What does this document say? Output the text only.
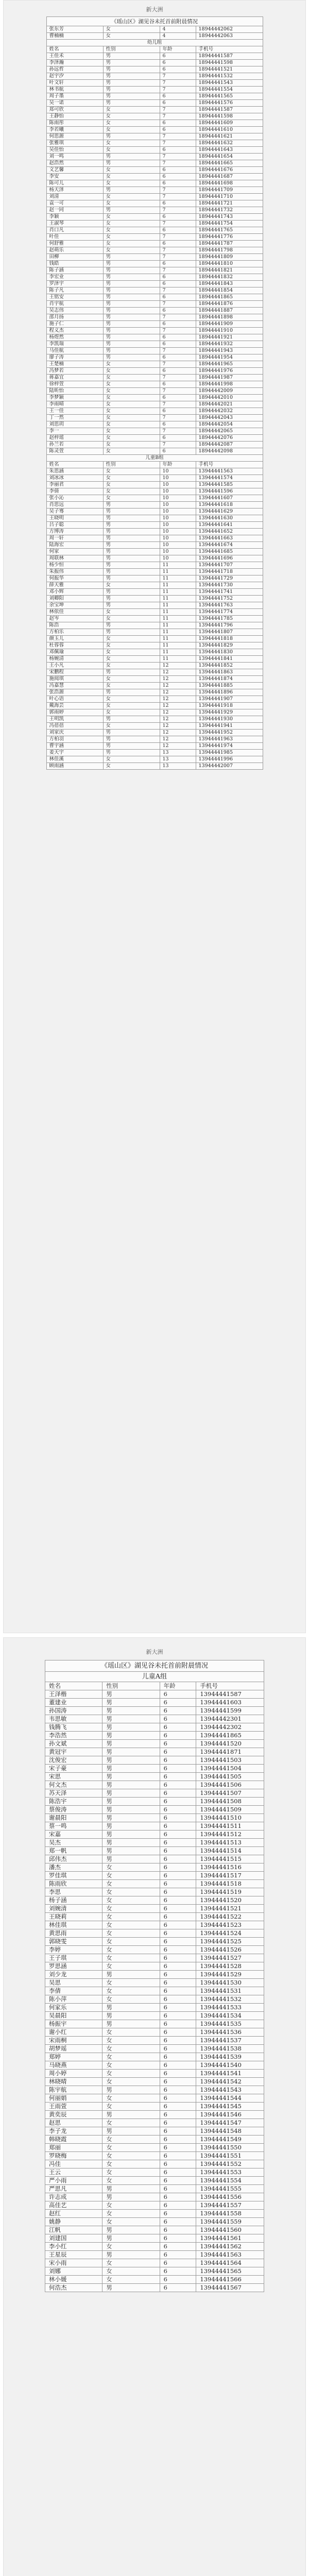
新大洲

《瑶山区》湖见谷未托首前附晨情况			
张东芳	女	4	18944442062
曹楠楠	女	4	18944442063
幼儿组			
姓名	性别	年龄	手机号
王佳禾	男	6	18944441587
李泽瀚	男	6	18944441598
孙远哲	男	6	18944441521
赵宇汐	男	7	18944441532
叶文轩	男	7	18944441543
林书航	男	7	18944441554
周子墨	男	6	18944441565
吴一诺	男	6	18944441576
郑可欣	女	7	18944441587
王静怡	女	7	18944441598
陈雨彤	女	6	18944441609
李若曦	女	6	18944441610
何思源	男	7	18944441621
张雅琪	女	7	18944441632
吴佳怡	女	6	18944441643
刘一鸣	男	7	18944441654
赵浩然	男	7	18944441665
文艺馨	女	6	18944441676
李安	女	6	18944441687
陈可儿	女	6	18944441698
杨天泽	男	7	18944441709
刘清	女	7	18944441710
袁一可	女	6	18944441721
赵一同	男	7	18944441732
李颖	女	6	18944441743
王淑琴	女	7	18944441754
肖口凡	女	6	18944441765
叶佳	女	7	18944441776
何舒雅	女	6	18944441787
赵萌乐	女	7	18944441798
田柳	男	7	18944441809
钱皓	男	6	18944441810
陈子涵	男	7	18944441821
李宏业	男	6	18944441832
罗泽宇	男	6	18944441843
陈子凡	男	7	18944441854
王铭安	男	6	18944441865
肖宇航	男	7	18944441876
吴志伟	男	6	18944441887
邵月扬	男	7	18944441898
施子仁	男	6	18944441909
程义杰	男	7	18944441910
杨煜然	男	6	18944441921
李凯瑞	男	6	18944441932
马佳航	男	7	18944441943
廖子涛	男	6	18944441954
王楚楠	女	7	18944441965
冯梦若	女	6	18944441976
蒋嘉宜	女	7	18944441987
徐梓萱	女	6	18944441998
陆昕怡	女	7	18944442009
李梦颖	女	6	18944442010
李雨晴	女	7	18944442021
王一佳	女	6	18944442032
丁一然	女	7	18944442043
刘思玥	女	6	18944442054
李一	女	7	18944442065
赵梓瑶	女	6	18944442076
孙兰若	女	7	18944442087
陈灵萱	女	6	18944442098
儿童B组			
姓名	性别	年龄	手机号
朱思涵	女	10	13944441563
刘冰冰	女	10	13944441574
李丽君	女	10	13944441585
李倩	女	10	13944441596
张小沁	女	10	13944441607
肖思远	男	10	13944441618
吴子骞	男	10	13944441629
王晓明	男	10	13944441630
吕子聪	男	10	13944441641
方博涛	男	10	13944441652
周一轩	男	10	13944441663
陆海宏	男	10	13944441674
何家	男	10	13944441685
周联林	男	10	13944441696
杨少恒	男	11	13944441707
朱振伟	男	11	13944441718
何振华	男	11	13944441729
薛天雅	女	11	13944441730
邓小辉	男	11	13944441741
刘卿阳	男	11	13944441752
余宝坤	男	11	13944441763
林依佳	女	11	13944441774
赵岑	女	11	13944441785
陈浩	男	11	13944441796
方柏乐	男	11	13944441807
颜玉儿	女	11	13944441818
杜蓉蓉	女	11	13944441829
邓佩瑜	女	11	13944441830
杨婉清	女	11	13944441841
王小凡	女	12	13944441852
宋鹏程	男	12	13944441863
施阅琪	女	12	13944441874
冯嘉慧	女	12	13944441885
张浩源	男	12	13944441896
叶心语	女	12	13944441907
戴海芸	女	12	13944441918
郭雨婷	女	12	13944441929
王明凯	男	12	13944441930
冯蓓蓓	女	12	13944441941
刘家庆	男	12	13944441952
方柏羽	男	12	13944441963
曹宇涵	男	12	13944441974
姜天宇	男	13	13944441985
林佳溪	女	13	13944441996
顾雨涵	女	13	13944442007

新大洲

《瑶山区》湖见谷未托首前附晨情况			
儿童A组			
姓名	性别	年龄	手机号
王泽楷	男	6	13944441587
董建业	男	6	13944441603
孙国涛	男	6	13944441599
韦思敏	男	6	13944442301
钱腾飞	男	6	13944442302
李浩然	男	6	13944441865
孙文斌	男	6	13944441520
黄冠宇	男	6	13944441871
沈俊宏	男	6	13944441503
宋子豪	男	6	13944441504
宋思	男	6	13944441505
何文杰	男	6	13944441506
苏天泽	男	6	13944441507
陈浩宇	男	6	13944441508
蔡俊涛	男	6	13944441509
谢晨阳	男	6	13944441510
蔡一鸣	男	6	13944441511
宋嘉	男	6	13944441512
吴杰	男	6	13944441513
郑一帆	男	6	13944441514
邱伟杰	男	6	13944441515
潘杰	女	6	13944441516
罗佳琪	女	6	13944441517
陈雨欣	女	6	13944441518
李思	女	6	13944441519
杨子涵	女	6	13944441520
刘婉清	女	6	13944441521
王晓莉	女	6	13944441522
林佳琪	女	6	13944441523
黄思雨	女	6	13944441524
郭晓雯	女	6	13944441525
李婷	女	6	13944441526
王子琪	女	6	13944441527
罗思涵	女	6	13944441528
刘少龙	男	6	13944441529
吴思	女	6	13944441530
李倩	女	6	13944441531
陈小萍	女	6	13944441532
何家乐	男	6	13944441533
吴晨阳	男	6	13944441534
杨振宇	男	6	13944441535
谢小红	女	6	13944441536
宋雨桐	女	6	13944441537
胡梦瑶	女	6	13944441538
郑婷	女	6	13944441539
马晓燕	女	6	13944441540
周小婷	女	6	13944441541
林晓晴	女	6	13944441542
陈宇航	男	6	13944441543
何丽娟	女	6	13944441544
王雨萱	女	6	13944441545
黄奕辰	男	6	13944441546
赵思	女	6	13944441547
李子龙	男	6	13944441548
韩晓霞	女	6	13944441549
郑丽	女	6	13944441550
罗晓梅	女	6	13944441551
冯佳	女	6	13944441552
王云	女	6	13944441553
严小雨	女	6	13944441554
严思凡	男	6	13944441555
许志成	男	6	13944441556
高佳艺	女	6	13944441557
赵红	女	6	13944441558
姚静	女	6	13944441559
江帆	男	6	13944441560
刘建国	男	6	13944441561
李小红	女	6	13944441562
王星辰	男	6	13944441563
宋小雨	女	6	13944441564
刘娜	女	6	13944441565
林小媛	女	6	13944441566
何浩杰	男	6	13944441567
